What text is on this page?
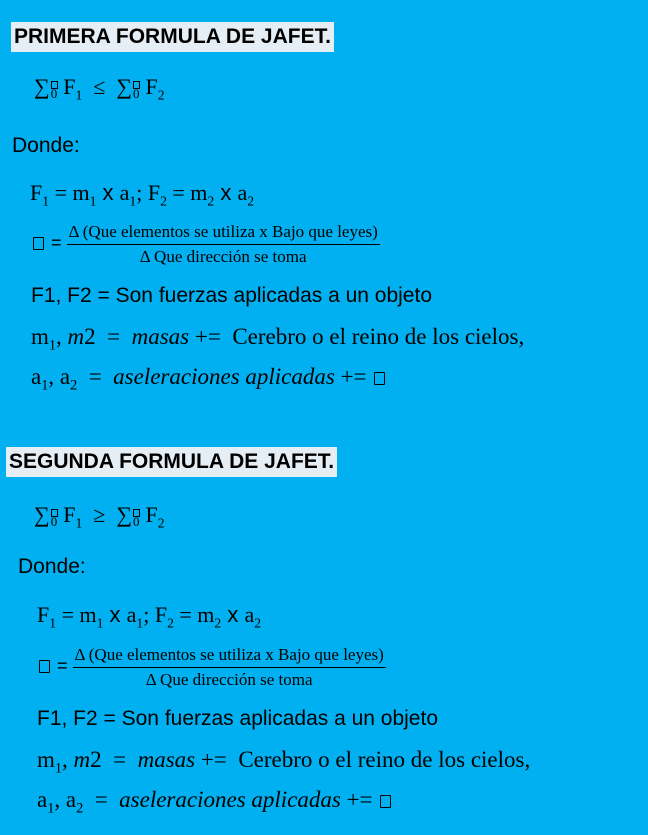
PRIMERA FORMULA DE JAFET.
∑ 0 $F_1$ ≤ ∑ 0 $F_2$
Donde:
$F_1 = m_1$ x $a_1$; $F_2 = m_2$ x $a_2$
= $\frac{\text{Δ (Que elementos se utiliza x Bajo que leyes)}}{\text{Δ Que dirección se toma}}$
F1, F2 = Son fuerzas aplicadas a un objeto
$m_1$, m2  =  masas +=  Cerebro o el reino de los cielos,
$a_1$, $a_2$  =  aseleraciones aplicadas +=
SEGUNDA FORMULA DE JAFET.
∑ 0 $F_1$ ≥ ∑ 0 $F_2$
Donde:
$F_1 = m_1$ x $a_1$; $F_2 = m_2$ x $a_2$
= $\frac{\text{Δ (Que elementos se utiliza x Bajo que leyes)}}{\text{Δ Que dirección se toma}}$
F1, F2 = Son fuerzas aplicadas a un objeto
$m_1$, m2  =  masas +=  Cerebro o el reino de los cielos,
$a_1$, $a_2$  =  aseleraciones aplicadas +=
